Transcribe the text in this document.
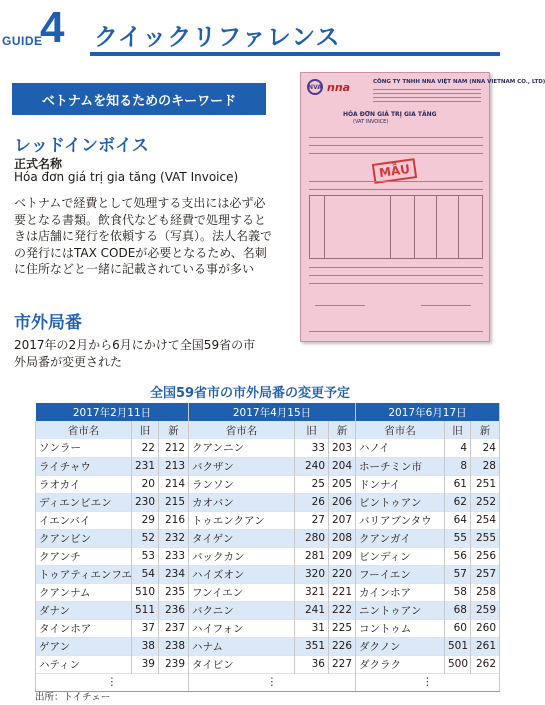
GUIDE
4 クイックリファレンス
ベトナムを知るためのキーワード
レッドインボイス
正式名称
Hóa đơn giá trị gia tăng (VAT Invoice)
ベトナムで経費として処理する支出には必ず必要となる書類。飲食代なども経費で処理するときは店舗に発行を依頼する（写真）。法人名義での発行にはTAX CODEが必要となるため、名刺に住所などと一緒に記載されている事が多い
NVA nna	CÔNG TY TNHH NNA VIỆT NAM (NNA VIETNAM CO., LTD)
HÓA ĐƠN GIÁ TRỊ GIA TĂNG
(VAT INVOICE)
MẪU
市外局番
2017年の2月から6月にかけて全国59省の市外局番が変更された
全国59省市の市外局番の変更予定
2017年2月11日			2017年4月15日			2017年6月17日		
省市名	旧	新	省市名	旧	新	省市名	旧	新
ソンラー	22	212	クアンニン	33	203	ハノイ	4	24
ライチャウ	231	213	バクザン	240	204	ホーチミン市	8	28
ラオカイ	20	214	ランソン	25	205	ドンナイ	61	251
ディエンビエン	230	215	カオバン	26	206	ビントゥアン	62	252
イエンバイ	29	216	トゥエンクアン	27	207	バリアブンタウ	64	254
クアンビン	52	232	タイゲン	280	208	クアンガイ	55	255
クアンチ	53	233	バックカン	281	209	ビンディン	56	256
トゥアティエンフエ	54	234	ハイズオン	320	220	フーイエン	57	257
クアンナム	510	235	フンイエン	321	221	カインホア	58	258
ダナン	511	236	バクニン	241	222	ニントゥアン	68	259
タインホア	37	237	ハイフォン	31	225	コントゥム	60	260
ゲアン	38	238	ハナム	351	226	ダクノン	501	261
ハティン	39	239	タイビン	36	227	ダクラク	500	262
⋮			⋮			⋮		
出所：トイチェー
